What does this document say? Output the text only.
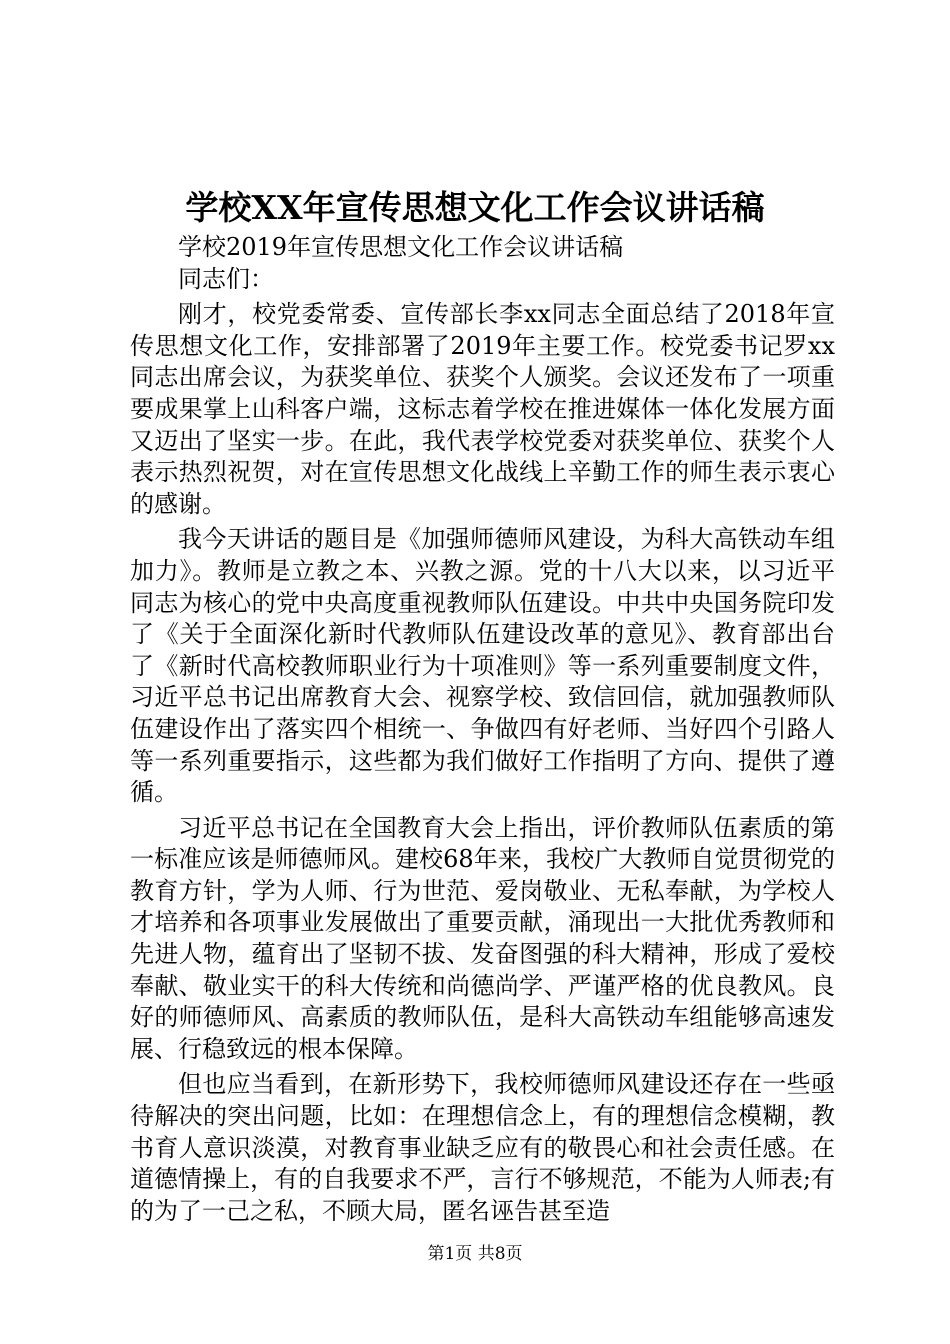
学校XX年宣传思想文化工作会议讲话稿

学校2019年宣传思想文化工作会议讲话稿

同志们：

刚才，校党委常委、宣传部长李xx同志全面总结了2018年宣传思想文化工作，安排部署了2019年主要工作。校党委书记罗xx同志出席会议，为获奖单位、获奖个人颁奖。会议还发布了一项重要成果掌上山科客户端，这标志着学校在推进媒体一体化发展方面又迈出了坚实一步。在此，我代表学校党委对获奖单位、获奖个人表示热烈祝贺，对在宣传思想文化战线上辛勤工作的师生表示衷心的感谢。

我今天讲话的题目是《加强师德师风建设，为科大高铁动车组加力》。教师是立教之本、兴教之源。党的十八大以来，以习近平同志为核心的党中央高度重视教师队伍建设。中共中央国务院印发了《关于全面深化新时代教师队伍建设改革的意见》、教育部出台了《新时代高校教师职业行为十项准则》等一系列重要制度文件，习近平总书记出席教育大会、视察学校、致信回信，就加强教师队伍建设作出了落实四个相统一、争做四有好老师、当好四个引路人等一系列重要指示，这些都为我们做好工作指明了方向、提供了遵循。

习近平总书记在全国教育大会上指出，评价教师队伍素质的第一标准应该是师德师风。建校68年来，我校广大教师自觉贯彻党的教育方针，学为人师、行为世范、爱岗敬业、无私奉献，为学校人才培养和各项事业发展做出了重要贡献，涌现出一大批优秀教师和先进人物，蕴育出了坚韧不拔、发奋图强的科大精神，形成了爱校奉献、敬业实干的科大传统和尚德尚学、严谨严格的优良教风。良好的师德师风、高素质的教师队伍，是科大高铁动车组能够高速发展、行稳致远的根本保障。

但也应当看到，在新形势下，我校师德师风建设还存在一些亟待解决的突出问题，比如：在理想信念上，有的理想信念模糊，教书育人意识淡漠，对教育事业缺乏应有的敬畏心和社会责任感。在道德情操上，有的自我要求不严，言行不够规范，不能为人师表;有的为了一己之私，不顾大局，匿名诬告甚至造

第1页 共8页
